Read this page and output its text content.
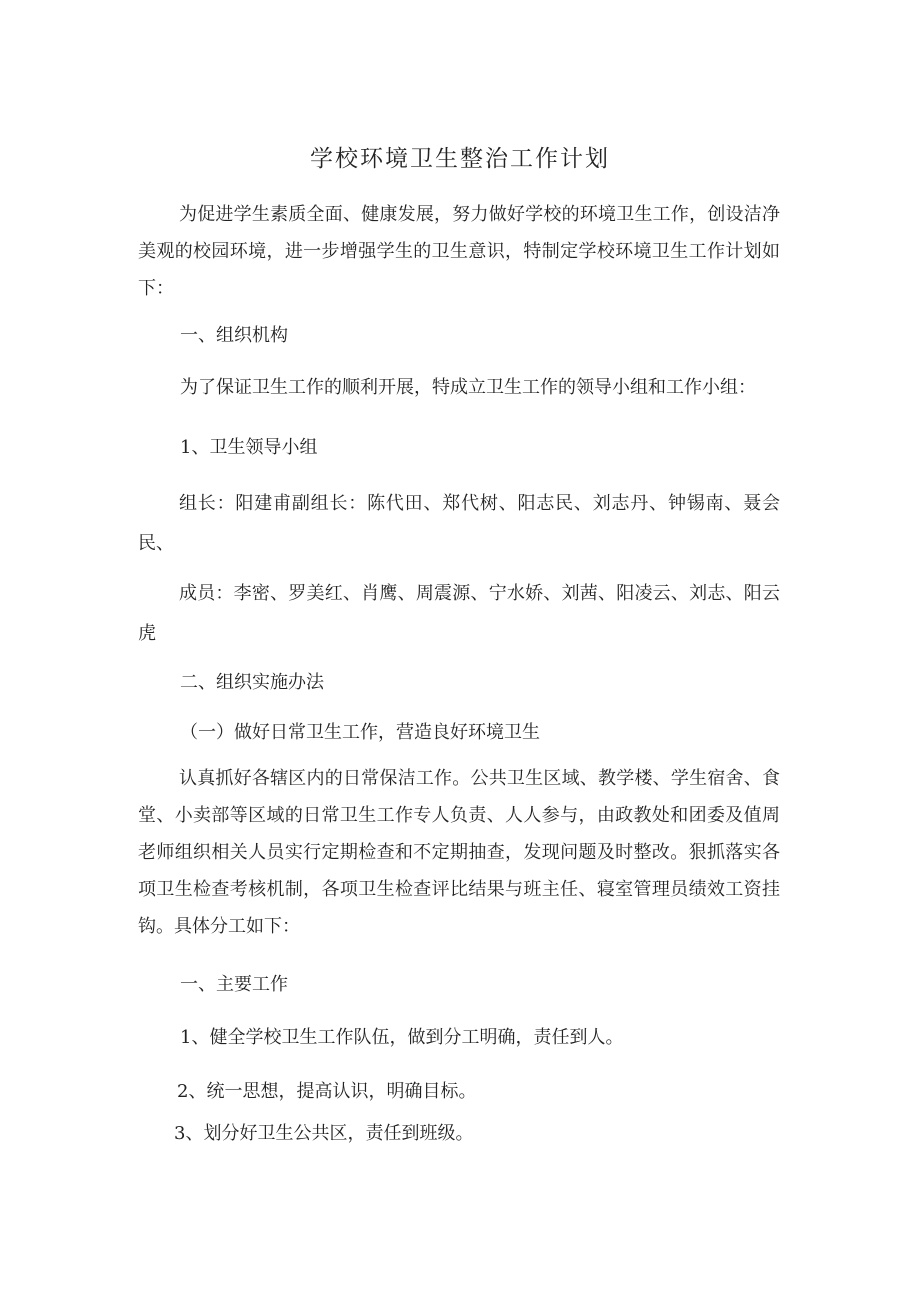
学校环境卫生整治工作计划

为促进学生素质全面、健康发展，努力做好学校的环境卫生工作，创设洁净美观的校园环境，进一步增强学生的卫生意识，特制定学校环境卫生工作计划如下：

一、组织机构

为了保证卫生工作的顺利开展，特成立卫生工作的领导小组和工作小组：

1、卫生领导小组

组长：阳建甫副组长：陈代田、郑代树、阳志民、刘志丹、钟锡南、聂会民、

成员：李密、罗美红、肖鹰、周震源、宁水娇、刘茜、阳凌云、刘志、阳云虎

二、组织实施办法

（一）做好日常卫生工作，营造良好环境卫生

认真抓好各辖区内的日常保洁工作。公共卫生区域、教学楼、学生宿舍、食堂、小卖部等区域的日常卫生工作专人负责、人人参与，由政教处和团委及值周老师组织相关人员实行定期检查和不定期抽查，发现问题及时整改。狠抓落实各项卫生检查考核机制，各项卫生检查评比结果与班主任、寝室管理员绩效工资挂钩。具体分工如下：

一、主要工作

1、健全学校卫生工作队伍，做到分工明确，责任到人。

2、统一思想，提高认识，明确目标。

3、划分好卫生公共区，责任到班级。
